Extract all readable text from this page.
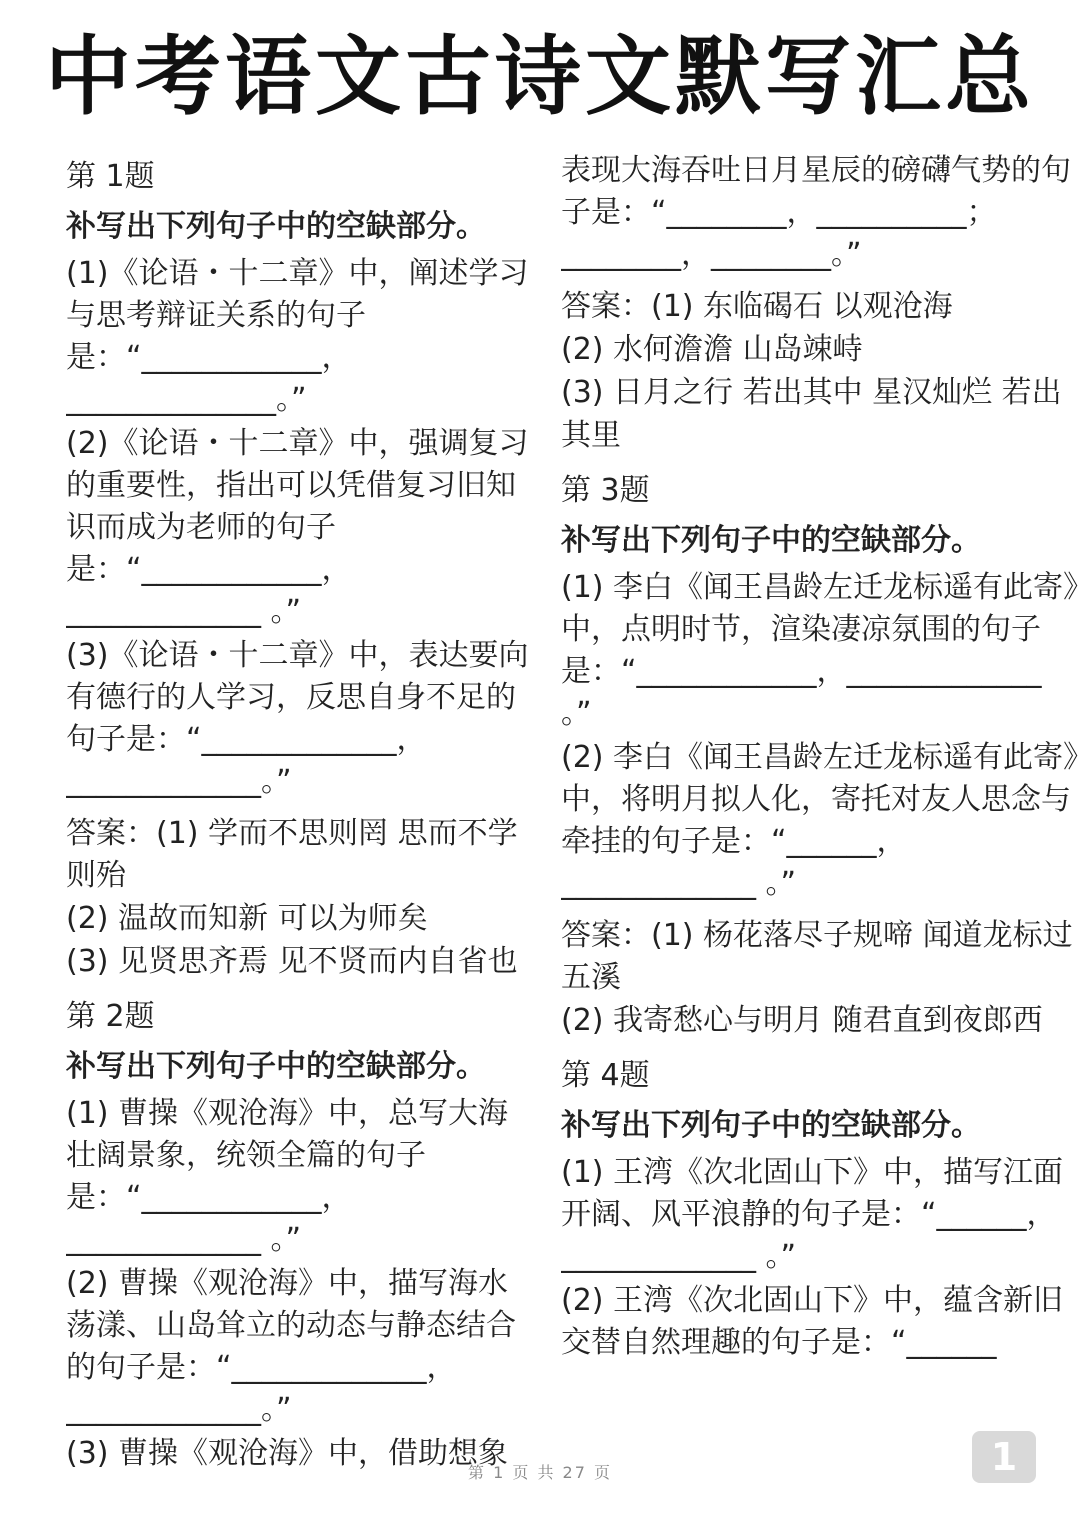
中考语文古诗文默写汇总

第 1题

补写出下列句子中的空缺部分。

(1)《论语・十二章》中，阐述学习与思考辩证关系的句子是：“____________，______________。”

(2)《论语・十二章》中，强调复习的重要性，指出可以凭借复习旧知识而成为老师的句子是：“____________，_____________ 。”

(3)《论语・十二章》中，表达要向有德行的人学习，反思自身不足的句子是：“_____________，_____________。”

答案：(1) 学而不思则罔 思而不学则殆

(2) 温故而知新 可以为师矣

(3) 见贤思齐焉 见不贤而内自省也

第 2题

补写出下列句子中的空缺部分。

(1) 曹操《观沧海》中，总写大海壮阔景象，统领全篇的句子是：“____________，_____________ 。”

(2) 曹操《观沧海》中，描写海水荡漾、山岛耸立的动态与静态结合的句子是：“_____________，_____________。”

(3) 曹操《观沧海》中，借助想象

表现大海吞吐日月星辰的磅礴气势的句子是：“________，__________；________，________。”

答案：(1) 东临碣石 以观沧海

(2) 水何澹澹 山岛竦峙

(3) 日月之行 若出其中 星汉灿烂 若出其里

第 3题

补写出下列句子中的空缺部分。

(1) 李白《闻王昌龄左迁龙标遥有此寄》中，点明时节，渲染凄凉氛围的句子是：“____________，_____________ 。”

(2) 李白《闻王昌龄左迁龙标遥有此寄》中，将明月拟人化，寄托对友人思念与牵挂的句子是：“______，_____________ 。”

答案：(1) 杨花落尽子规啼 闻道龙标过五溪

(2) 我寄愁心与明月 随君直到夜郎西

第 4题

补写出下列句子中的空缺部分。

(1) 王湾《次北固山下》中，描写江面开阔、风平浪静的句子是：“______，_____________ 。”

(2) 王湾《次北固山下》中，蕴含新旧交替自然理趣的句子是：“______

第 1 页 共 27 页	1
